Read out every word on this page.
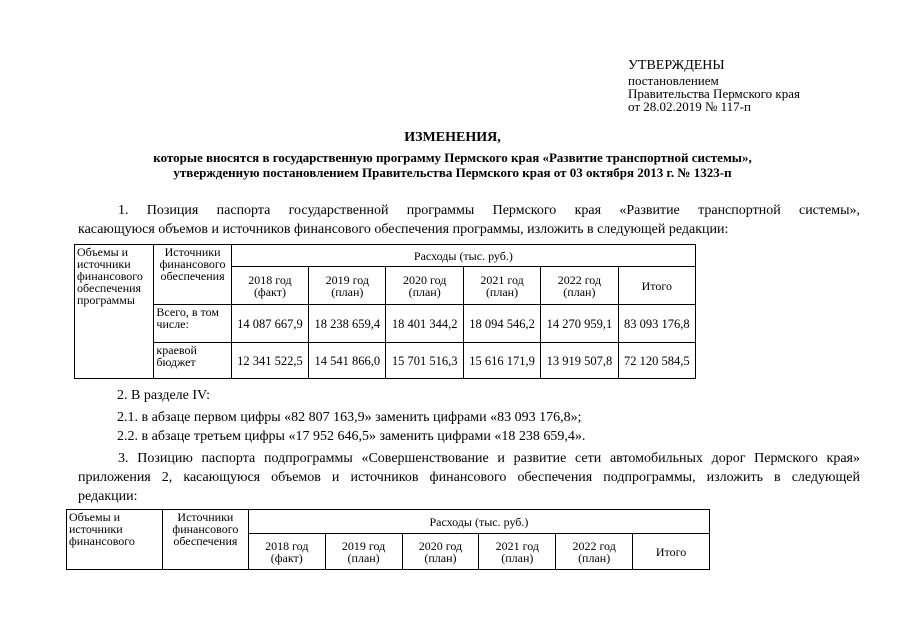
УТВЕРЖДЕНЫ
постановлением
Правительства Пермского края
от 28.02.2019 № 117-п
ИЗМЕНЕНИЯ,
которые вносятся в государственную программу Пермского края «Развитие транспортной системы»,
утвержденную постановлением Правительства Пермского края от 03 октября 2013 г. № 1323-п
1. Позиция паспорта государственной программы Пермского края «Развитие транспортной системы»,
касающуюся объемов и источников финансового обеспечения программы, изложить в следующей редакции:
Объемы и источники финансового обеспечения программы	Источники финансового обеспечения	Расходы (тыс. руб.)					
		2018 год (факт)	2019 год (план)	2020 год (план)	2021 год (план)	2022 год (план)	Итого
	Всего, в том числе:	14 087 667,9	18 238 659,4	18 401 344,2	18 094 546,2	14 270 959,1	83 093 176,8
	краевой бюджет	12 341 522,5	14 541 866,0	15 701 516,3	15 616 171,9	13 919 507,8	72 120 584,5
2. В разделе IV:
2.1. в абзаце первом цифры «82 807 163,9» заменить цифрами «83 093 176,8»;
2.2. в абзаце третьем цифры «17 952 646,5» заменить цифрами «18 238 659,4».
3. Позицию паспорта подпрограммы «Совершенствование и развитие сети автомобильных дорог Пермского края»
приложения 2, касающуюся объемов и источников финансового обеспечения подпрограммы, изложить в следующей
редакции:
Объемы и источники финансового	Источники финансового обеспечения	Расходы (тыс. руб.)					
		2018 год (факт)	2019 год (план)	2020 год (план)	2021 год (план)	2022 год (план)	Итого
